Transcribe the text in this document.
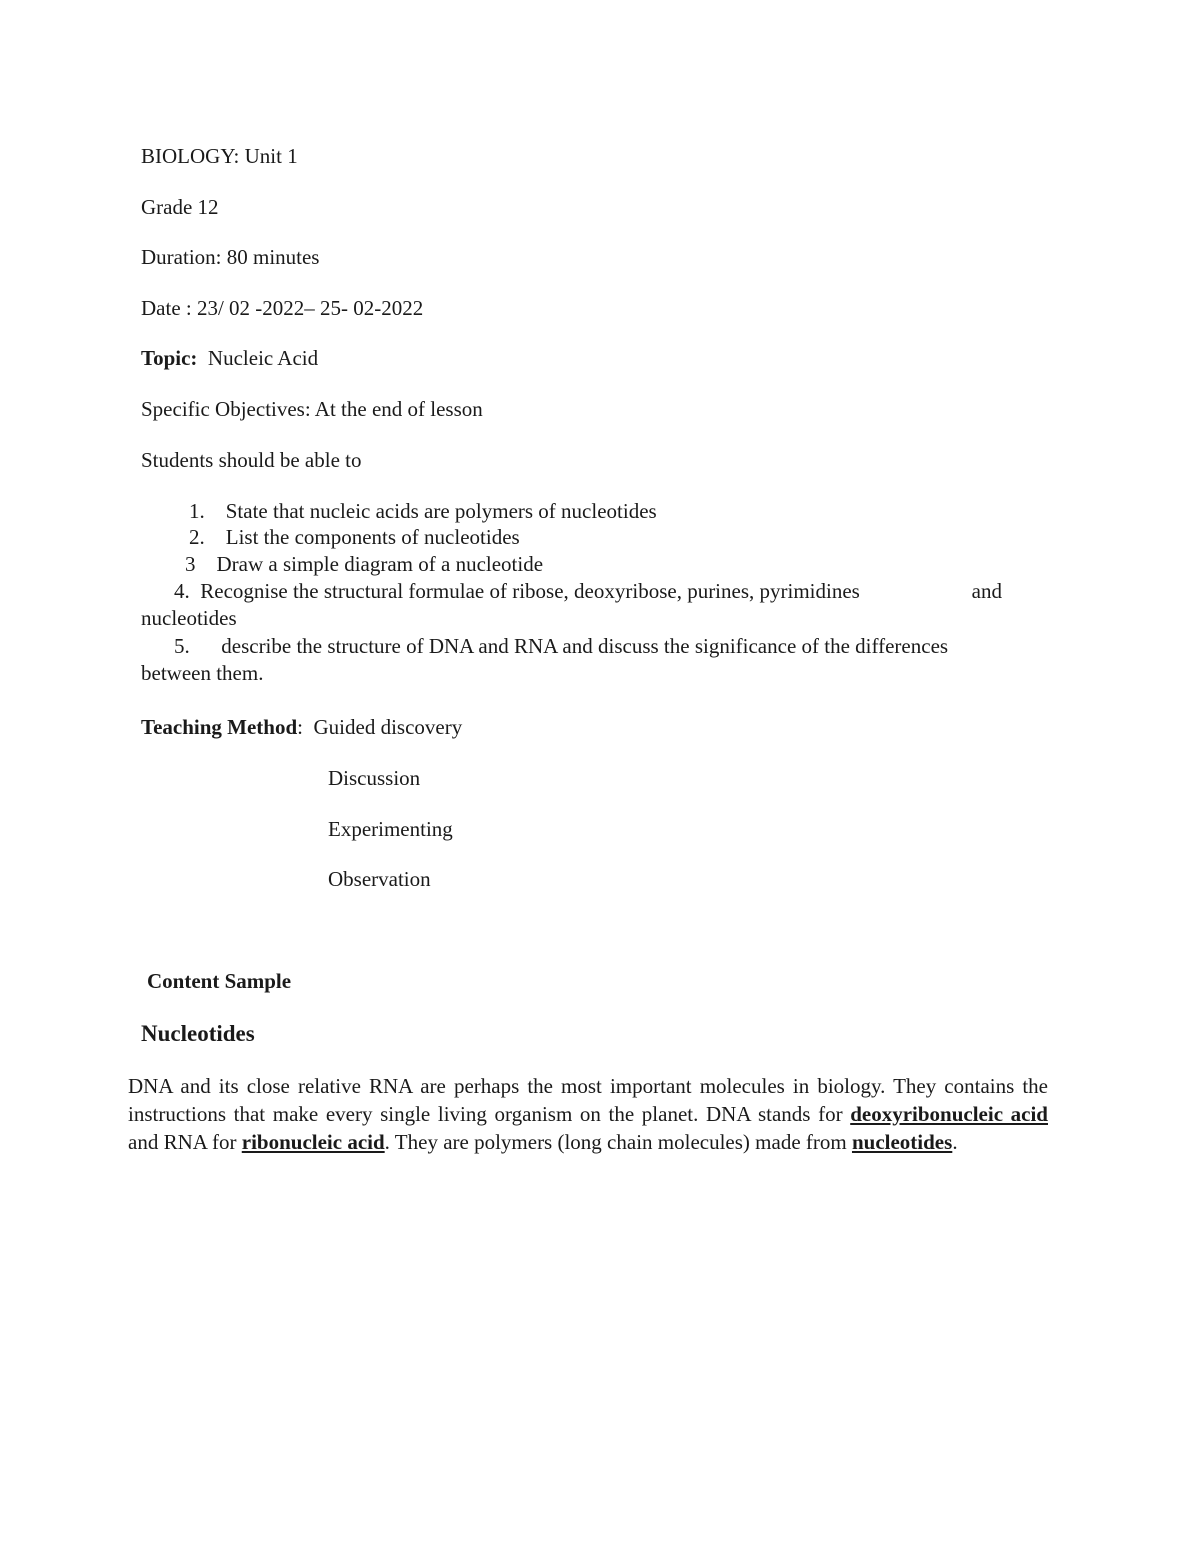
BIOLOGY: Unit 1
Grade 12
Duration: 80 minutes
Date : 23/ 02 -2022– 25- 02-2022
Topic: Nucleic Acid
Specific Objectives: At the end of lesson
Students should be able to
1. State that nucleic acids are polymers of nucleotides
2. List the components of nucleotides
3 Draw a simple diagram of a nucleotide
4. Recognise the structural formulae of ribose, deoxyribose, purines, pyrimidines	and
nucleotides
5. describe the structure of DNA and RNA and discuss the significance of the differences
between them.
Teaching Method: Guided discovery
Discussion
Experimenting
Observation
Content Sample
Nucleotides
DNA and its close relative RNA are perhaps the most important molecules in biology. They contains the instructions that make every single living organism on the planet. DNA stands for deoxyribonucleic acid and RNA for ribonucleic acid. They are polymers (long chain molecules) made from nucleotides.
